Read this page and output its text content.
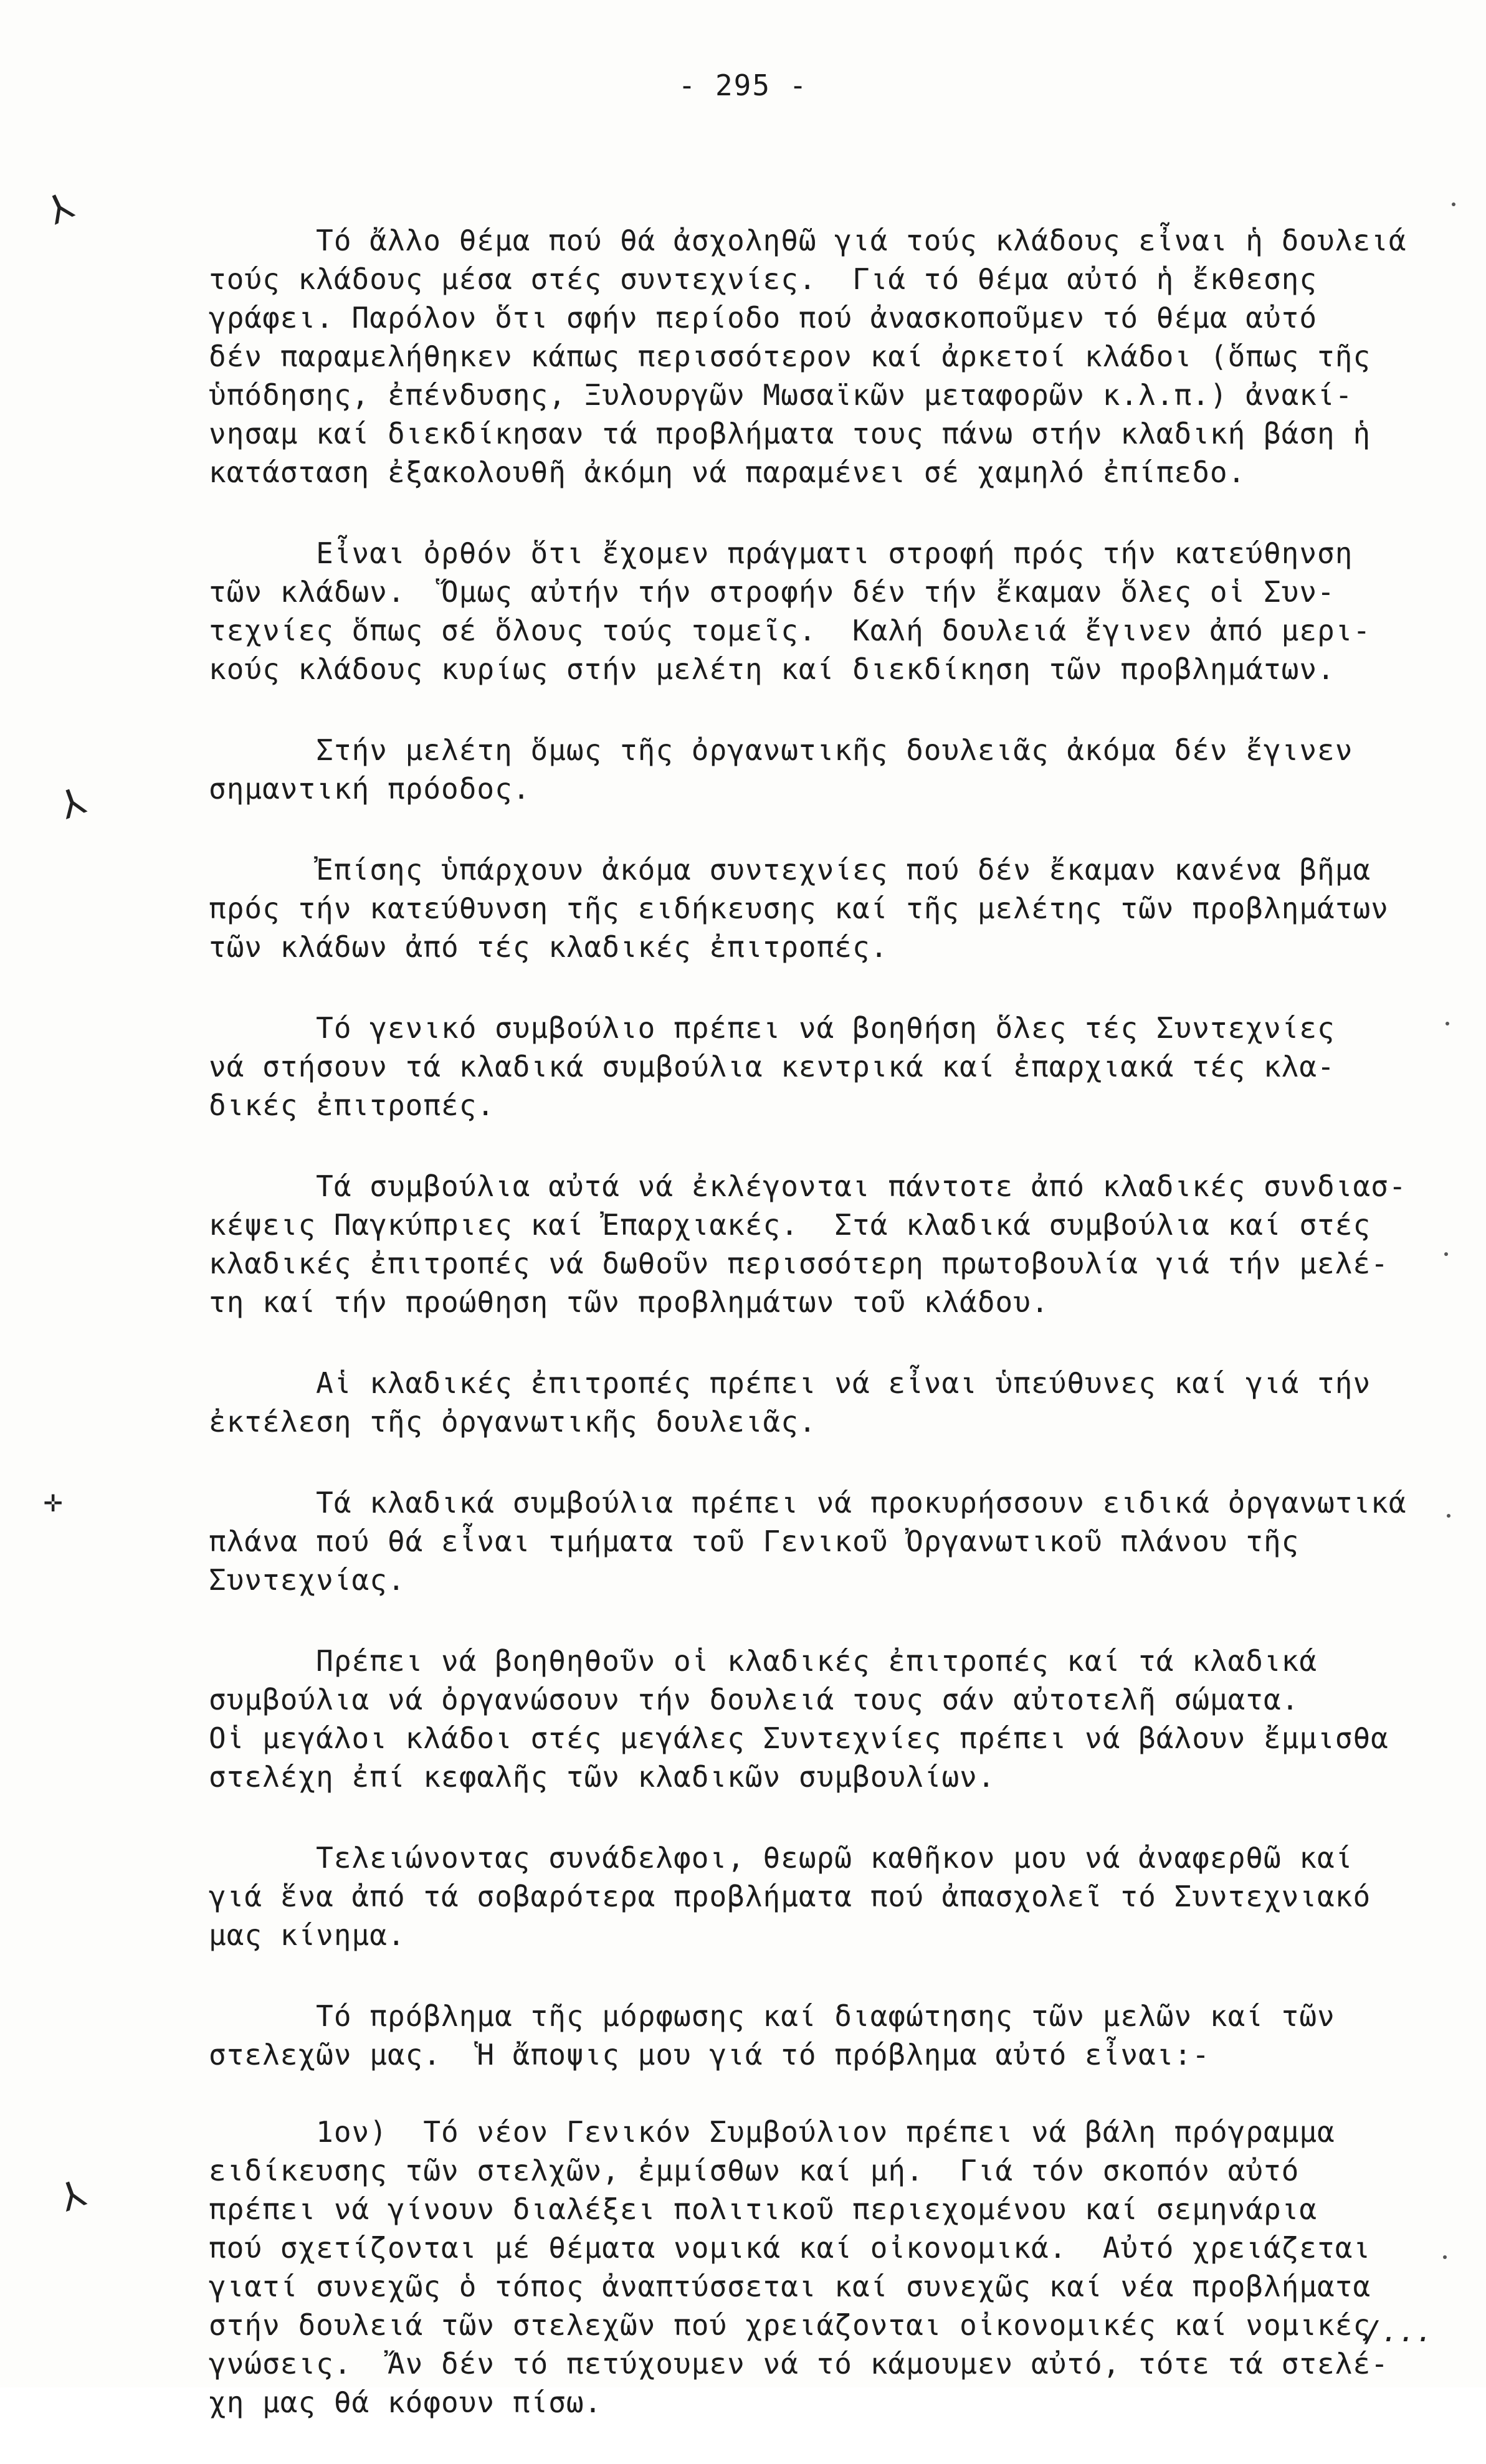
- 295 -
⅄
⅄
✛
⅄
Τό ἄλλο θέμα πού θά ἀσχοληθῶ γιά τούς κλάδους εἶναι ἡ δουλειά
τούς κλάδους μέσα στές συντεχνίες.  Γιά τό θέμα αὐτό ἡ ἔκθεσης
γράφει. Παρόλον ὅτι σφήν περίοδο πού ἀνασκοποῦμεν τό θέμα αὐτό
δέν παραμελήθηκεν κάπως περισσότερον καί ἀρκετοί κλάδοι (ὅπως τῆς
ὑπόδησης, ἐπένδυσης, Ξυλουργῶν Μωσαϊκῶν μεταφορῶν κ.λ.π.) ἀνακί-
νησαμ καί διεκδίκησαν τά προβλήματα τους πάνω στήν κλαδική βάση ἡ
κατάσταση ἐξακολουθῆ ἀκόμη νά παραμένει σέ χαμηλό ἐπίπεδο.
Εἶναι ὀρθόν ὅτι ἔχομεν πράγματι στροφή πρός τήν κατεύθηνση
τῶν κλάδων.  Ὅμως αὐτήν τήν στροφήν δέν τήν ἔκαμαν ὅλες οἱ Συν-
τεχνίες ὅπως σέ ὅλους τούς τομεῖς.  Καλή δουλειά ἔγινεν ἀπό μερι-
κούς κλάδους κυρίως στήν μελέτη καί διεκδίκηση τῶν προβλημάτων.
Στήν μελέτη ὅμως τῆς ὀργανωτικῆς δουλειᾶς ἀκόμα δέν ἔγινεν
σημαντική πρόοδος.
Ἐπίσης ὑπάρχουν ἀκόμα συντεχνίες πού δέν ἔκαμαν κανένα βῆμα
πρός τήν κατεύθυνση τῆς ειδήκευσης καί τῆς μελέτης τῶν προβλημάτων
τῶν κλάδων ἀπό τές κλαδικές ἐπιτροπές.
Τό γενικό συμβούλιο πρέπει νά βοηθήση ὅλες τές Συντεχνίες
νά στήσουν τά κλαδικά συμβούλια κεντρικά καί ἐπαρχιακά τές κλα-
δικές ἐπιτροπές.
Τά συμβούλια αὐτά νά ἐκλέγονται πάντοτε ἀπό κλαδικές συνδιασ-
κέψεις Παγκύπριες καί Ἐπαρχιακές.  Στά κλαδικά συμβούλια καί στές
κλαδικές ἐπιτροπές νά δωθοῦν περισσότερη πρωτοβουλία γιά τήν μελέ-
τη καί τήν προώθηση τῶν προβλημάτων τοῦ κλάδου.
Αἱ κλαδικές ἐπιτροπές πρέπει νά εἶναι ὑπεύθυνες καί γιά τήν
ἐκτέλεση τῆς ὀργανωτικῆς δουλειᾶς.
Τά κλαδικά συμβούλια πρέπει νά προκυρήσσουν ειδικά ὀργανωτικά
πλάνα πού θά εἶναι τμήματα τοῦ Γενικοῦ Ὀργανωτικοῦ πλάνου τῆς
Συντεχνίας.
Πρέπει νά βοηθηθοῦν οἱ κλαδικές ἐπιτροπές καί τά κλαδικά
συμβούλια νά ὀργανώσουν τήν δουλειά τους σάν αὐτοτελῆ σώματα.
Οἱ μεγάλοι κλάδοι στές μεγάλες Συντεχνίες πρέπει νά βάλουν ἔμμισθα
στελέχη ἐπί κεφαλῆς τῶν κλαδικῶν συμβουλίων.
Τελειώνοντας συνάδελφοι, θεωρῶ καθῆκον μου νά ἀναφερθῶ καί
γιά ἕνα ἀπό τά σοβαρότερα προβλήματα πού ἀπασχολεῖ τό Συντεχνιακό
μας κίνημα.
Τό πρόβλημα τῆς μόρφωσης καί διαφώτησης τῶν μελῶν καί τῶν
στελεχῶν μας.  Ἡ ἄποψις μου γιά τό πρόβλημα αὐτό εἶναι:-

1ον)  Τό νέον Γενικόν Συμβούλιον πρέπει νά βάλη πρόγραμμα
ειδίκευσης τῶν στελχῶν, ἐμμίσθων καί μή.  Γιά τόν σκοπόν αὐτό
πρέπει νά γίνουν διαλέξει πολιτικοῦ περιεχομένου καί σεμηνάρια
πού σχετίζονται μέ θέματα νομικά καί οἰκονομικά.  Αὐτό χρειάζεται
γιατί συνεχῶς ὁ τόπος ἀναπτύσσεται καί συνεχῶς καί νέα προβλήματα
στήν δουλειά τῶν στελεχῶν πού χρειάζονται οἰκονομικές καί νομικές
γνώσεις.  Ἄν δέν τό πετύχουμεν νά τό κάμουμεν αὐτό, τότε τά στελέ-
χη μας θά κόφουν πίσω.
/...
